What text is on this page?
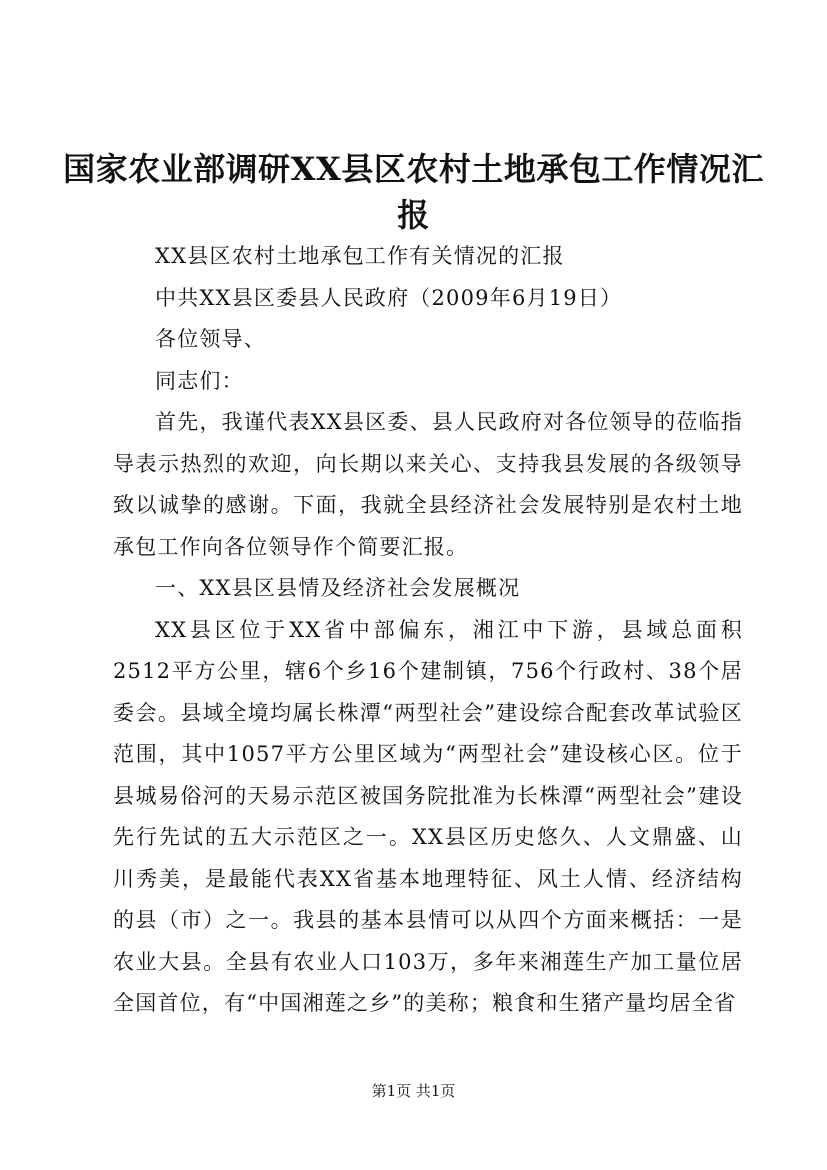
国家农业部调研XX县区农村土地承包工作情况汇报

XX县区农村土地承包工作有关情况的汇报

中共XX县区委县人民政府（2009年6月19日）

各位领导、

同志们：

首先，我谨代表XX县区委、县人民政府对各位领导的莅临指导表示热烈的欢迎，向长期以来关心、支持我县发展的各级领导致以诚挚的感谢。下面，我就全县经济社会发展特别是农村土地承包工作向各位领导作个简要汇报。

一、XX县区县情及经济社会发展概况

XX县区位于XX省中部偏东，湘江中下游，县域总面积2512平方公里，辖6个乡16个建制镇，756个行政村、38个居委会。县域全境均属长株潭“两型社会”建设综合配套改革试验区范围，其中1057平方公里区域为“两型社会”建设核心区。位于县城易俗河的天易示范区被国务院批准为长株潭“两型社会”建设先行先试的五大示范区之一。XX县区历史悠久、人文鼎盛、山川秀美，是最能代表XX省基本地理特征、风土人情、经济结构的县（市）之一。我县的基本县情可以从四个方面来概括：一是农业大县。全县有农业人口103万，多年来湘莲生产加工量位居全国首位，有“中国湘莲之乡”的美称；粮食和生猪产量均居全省

第1页 共1页
